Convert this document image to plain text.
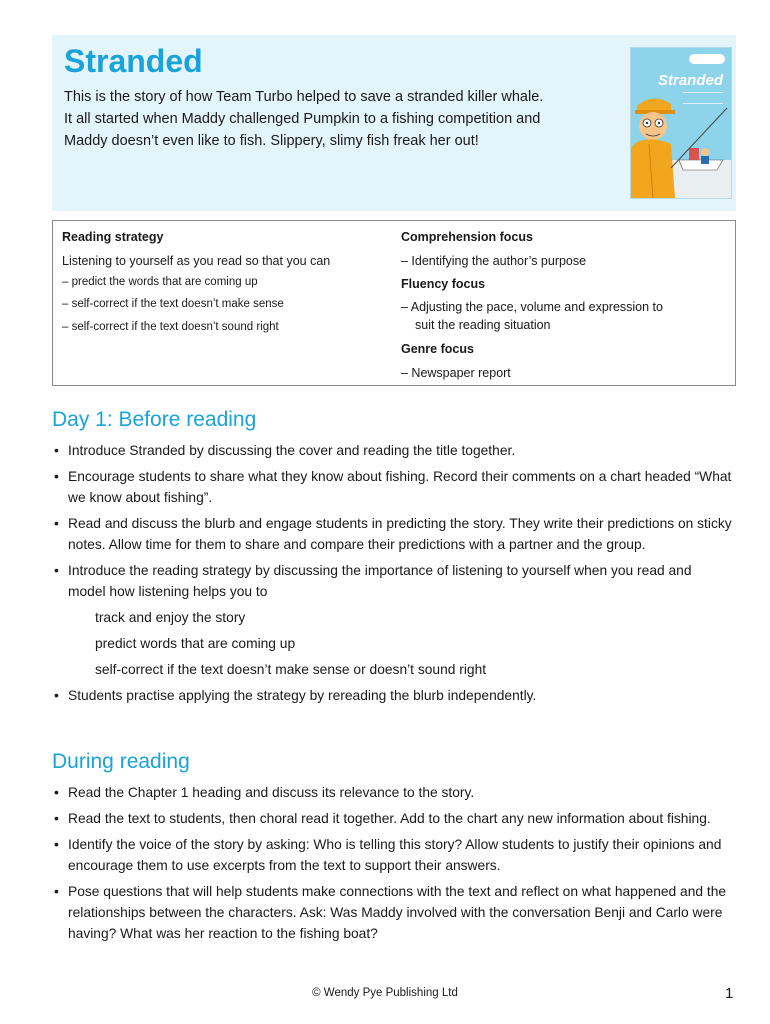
Stranded

This is the story of how Team Turbo helped to save a stranded killer whale. It all started when Maddy challenged Pumpkin to a fishing competition and Maddy doesn’t even like to fish. Slippery, slimy fish freak her out!

Stranded

Reading strategy

Listening to yourself as you read so that you can

– predict the words that are coming up

– self-correct if the text doesn’t make sense

– self-correct if the text doesn’t sound right

Comprehension focus

– Identifying the author’s purpose

Fluency focus

– Adjusting the pace, volume and expression to

suit the reading situation

Genre focus

– Newspaper report

Day 1: Before reading
• Introduce Stranded by discussing the cover and reading the title together.
• Encourage students to share what they know about fishing. Record their comments on a chart headed “What we know about fishing”.
• Read and discuss the blurb and engage students in predicting the story. They write their predictions on sticky notes. Allow time for them to share and compare their predictions with a partner and the group.
• Introduce the reading strategy by discussing the importance of listening to yourself when you read and model how listening helps you to
track and enjoy the story
predict words that are coming up
self-correct if the text doesn’t make sense or doesn’t sound right
• Students practise applying the strategy by rereading the blurb independently.
During reading
• Read the Chapter 1 heading and discuss its relevance to the story.
• Read the text to students, then choral read it together. Add to the chart any new information about fishing.
• Identify the voice of the story by asking: Who is telling this story? Allow students to justify their opinions and encourage them to use excerpts from the text to support their answers.
• Pose questions that will help students make connections with the text and reflect on what happened and the relationships between the characters. Ask: Was Maddy involved with the conversation Benji and Carlo were having? What was her reaction to the fishing boat?
© Wendy Pye Publishing Ltd	1
